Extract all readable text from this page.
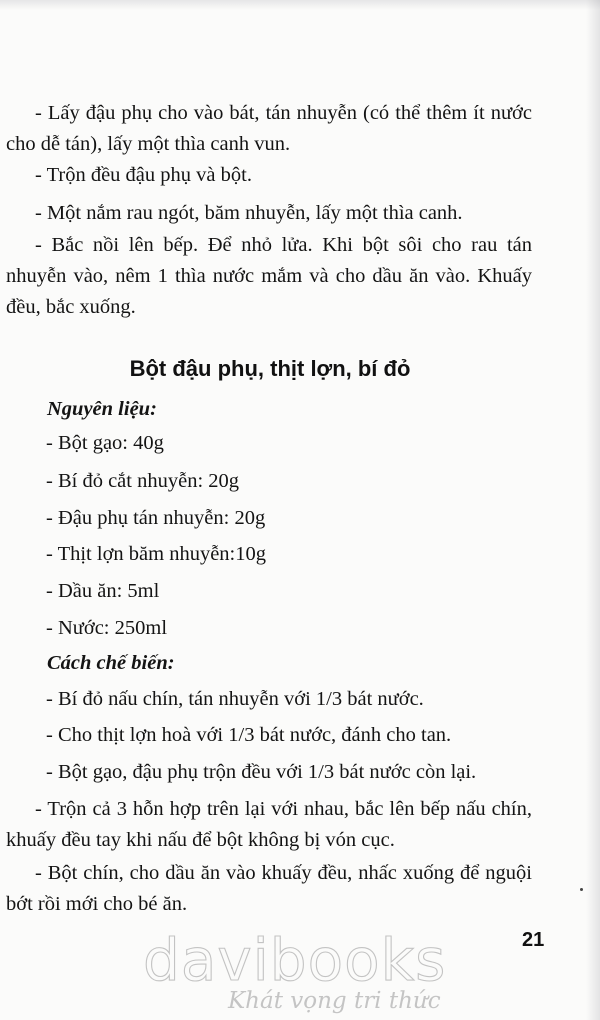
- Lấy đậu phụ cho vào bát, tán nhuyễn (có thể thêm ít nước cho dễ tán), lấy một thìa canh vun.

- Trộn đều đậu phụ và bột.

- Một nắm rau ngót, băm nhuyễn, lấy một thìa canh.

- Bắc nồi lên bếp. Để nhỏ lửa. Khi bột sôi cho rau tán nhuyễn vào, nêm 1 thìa nước mắm và cho dầu ăn vào. Khuấy đều, bắc xuống.

Bột đậu phụ, thịt lợn, bí đỏ

Nguyên liệu:

- Bột gạo: 40g

- Bí đỏ cắt nhuyễn: 20g

- Đậu phụ tán nhuyễn: 20g

- Thịt lợn băm nhuyễn:10g

- Dầu ăn: 5ml

- Nước: 250ml

Cách chế biến:

- Bí đỏ nấu chín, tán nhuyễn với 1/3 bát nước.

- Cho thịt lợn hoà với 1/3 bát nước, đánh cho tan.

- Bột gạo, đậu phụ trộn đều với 1/3 bát nước còn lại.

- Trộn cả 3 hỗn hợp trên lại với nhau, bắc lên bếp nấu chín, khuấy đều tay khi nấu để bột không bị vón cục.

- Bột chín, cho dầu ăn vào khuấy đều, nhấc xuống để nguội bớt rồi mới cho bé ăn.

21

davibooks

Khát vọng tri thức
